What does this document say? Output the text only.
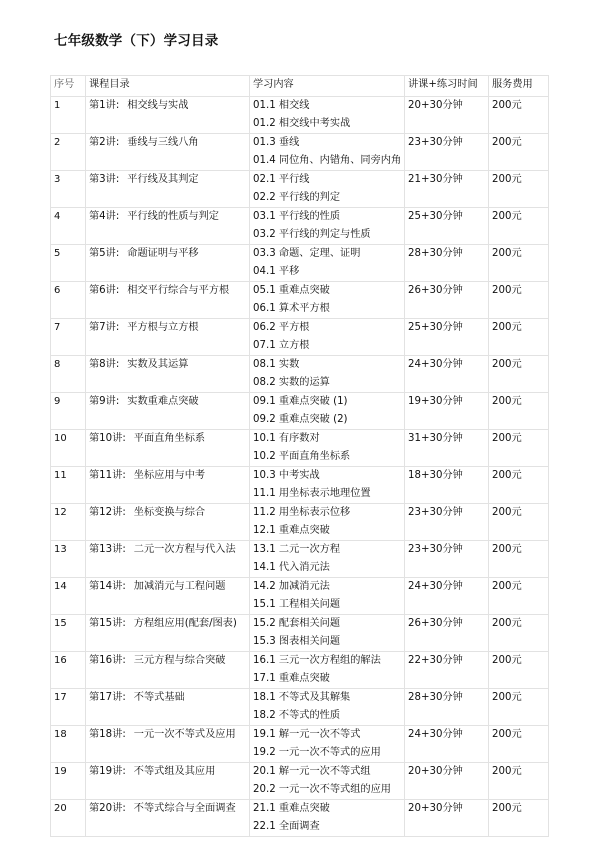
七年级数学（下）学习目录
序号	课程目录	学习内容	讲课+练习时间	服务费用
1	第1讲: 相交线与实战	01.1 相交线
01.2 相交线中考实战	20+30分钟	200元
2	第2讲: 垂线与三线八角	01.3 垂线
01.4 同位角、内错角、同旁内角	23+30分钟	200元
3	第3讲: 平行线及其判定	02.1 平行线
02.2 平行线的判定	21+30分钟	200元
4	第4讲: 平行线的性质与判定	03.1 平行线的性质
03.2 平行线的判定与性质	25+30分钟	200元
5	第5讲: 命题证明与平移	03.3 命题、定理、证明
04.1 平移	28+30分钟	200元
6	第6讲: 相交平行综合与平方根	05.1 重难点突破
06.1 算术平方根	26+30分钟	200元
7	第7讲: 平方根与立方根	06.2 平方根
07.1 立方根	25+30分钟	200元
8	第8讲: 实数及其运算	08.1 实数
08.2 实数的运算	24+30分钟	200元
9	第9讲: 实数重难点突破	09.1 重难点突破 (1)
09.2 重难点突破 (2)	19+30分钟	200元
10	第10讲: 平面直角坐标系	10.1 有序数对
10.2 平面直角坐标系	31+30分钟	200元
11	第11讲: 坐标应用与中考	10.3 中考实战
11.1 用坐标表示地理位置	18+30分钟	200元
12	第12讲: 坐标变换与综合	11.2 用坐标表示位移
12.1 重难点突破	23+30分钟	200元
13	第13讲: 二元一次方程与代入法	13.1 二元一次方程
14.1 代入消元法	23+30分钟	200元
14	第14讲: 加减消元与工程问题	14.2 加减消元法
15.1 工程相关问题	24+30分钟	200元
15	第15讲: 方程组应用(配套/图表)	15.2 配套相关问题
15.3 图表相关问题	26+30分钟	200元
16	第16讲: 三元方程与综合突破	16.1 三元一次方程组的解法
17.1 重难点突破	22+30分钟	200元
17	第17讲: 不等式基础	18.1 不等式及其解集
18.2 不等式的性质	28+30分钟	200元
18	第18讲: 一元一次不等式及应用	19.1 解一元一次不等式
19.2 一元一次不等式的应用	24+30分钟	200元
19	第19讲: 不等式组及其应用	20.1 解一元一次不等式组
20.2 一元一次不等式组的应用	20+30分钟	200元
20	第20讲: 不等式综合与全面调查	21.1 重难点突破
22.1 全面调查	20+30分钟	200元
